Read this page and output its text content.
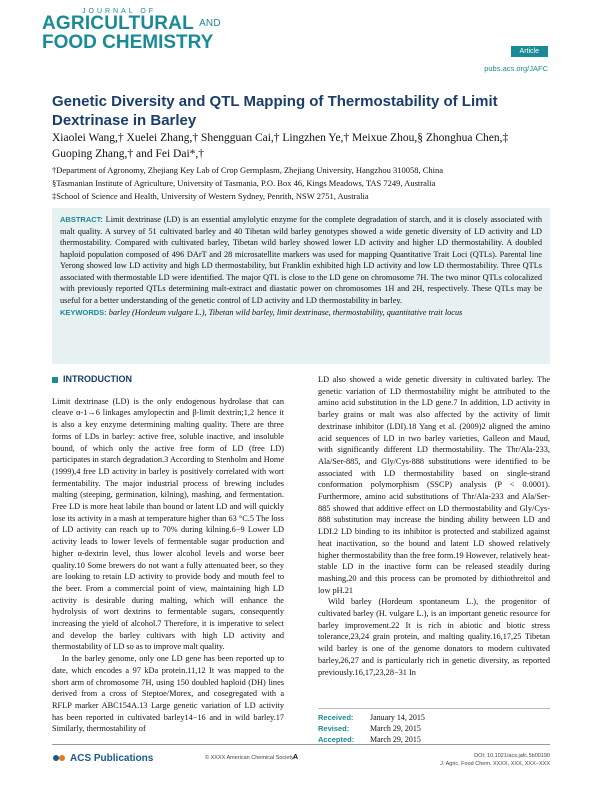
JOURNAL OF
AGRICULTURAL $^{AND}$
FOOD CHEMISTRY	Article
pubs.acs.org/JAFC
Genetic Diversity and QTL Mapping of Thermostability of Limit Dextrinase in Barley
Xiaolei Wang,† Xuelei Zhang,† Shengguan Cai,† Lingzhen Ye,† Meixue Zhou,§ Zhonghua Chen,‡ Guoping Zhang,† and Fei Dai*,†
†Department of Agronomy, Zhejiang Key Lab of Crop Germplasm, Zhejiang University, Hangzhou 310058, China
§Tasmanian Institute of Agriculture, University of Tasmania, P.O. Box 46, Kings Meadows, TAS 7249, Australia
‡School of Science and Health, University of Western Sydney, Penrith, NSW 2751, Australia
ABSTRACT: Limit dextrinase (LD) is an essential amylolytic enzyme for the complete degradation of starch, and it is closely associated with malt quality. A survey of 51 cultivated barley and 40 Tibetan wild barley genotypes showed a wide genetic diversity of LD activity and LD thermostability. Compared with cultivated barley, Tibetan wild barley showed lower LD activity and higher LD thermostability. A doubled haploid population composed of 496 DArT and 28 microsatellite markers was used for mapping Quantitative Trait Loci (QTLs). Parental line Yerong showed low LD activity and high LD thermostability, but Franklin exhibited high LD activity and low LD thermostability. Three QTLs associated with thermostable LD were identified. The major QTL is close to the LD gene on chromosome 7H. The two minor QTLs colocalized with previously reported QTLs determining malt-extract and diastatic power on chromosomes 1H and 2H, respectively. These QTLs may be useful for a better understanding of the genetic control of LD activity and LD thermostability in barley.
KEYWORDS: barley (Hordeum vulgare L.), Tibetan wild barley, limit dextrinase, thermostability, quantitative trait locus
INTRODUCTION

Limit dextrinase (LD) is the only endogenous hydrolase that can cleave α-1→6 linkages amylopectin and β-limit dextrin;1,2 hence it is also a key enzyme determining malting quality. There are three forms of LDs in barley: active free, soluble inactive, and insoluble bound, of which only the active free form of LD (free LD) participates in starch degradation.3 According to Stenholm and Home (1999),4 free LD activity in barley is positively correlated with wort fermentability. The major industrial process of brewing includes malting (steeping, germination, kilning), mashing, and fermentation. Free LD is more heat labile than bound or latent LD and will quickly lose its activity in a mash at temperature higher than 63 °C.5 The loss of LD activity can reach up to 70% during kilning.6−9 Lower LD activity leads to lower levels of fermentable sugar production and higher α-dextrin level, thus lower alcohol levels and worse beer quality.10 Some brewers do not want a fully attenuated beer, so they are looking to retain LD activity to provide body and mouth feel to the beer. From a commercial point of view, maintaining high LD activity is desirable during malting, which will enhance the hydrolysis of wort dextrins to fermentable sugars, consequently increasing the yield of alcohol.7 Therefore, it is imperative to select and develop the barley cultivars with high LD activity and thermostability of LD so as to improve malt quality.

In the barley genome, only one LD gene has been reported up to date, which encodes a 97 kDa protein.11,12 It was mapped to the short arm of chromosome 7H, using 150 doubled haploid (DH) lines derived from a cross of Steptoe/Morex, and cosegregated with a RFLP marker ABC154A.13 Large genetic variation of LD activity has been reported in cultivated barley14−16 and in wild barley.17 Similarly, thermostability of

LD also showed a wide genetic diversity in cultivated barley. The genetic variation of LD thermostability might be attributed to the amino acid substitution in the LD gene.7 In addition, LD activity in barley grains or malt was also affected by the activity of limit dextrinase inhibitor (LDI).18 Yang et al. (2009)2 aligned the amino acid sequences of LD in two barley varieties, Galleon and Maud, with significantly different LD thermostability. The Thr/Ala-233, Ala/Ser-885, and Gly/Cys-888 substitutions were identified to be associated with LD thermostability based on single-strand conformation polymorphism (SSCP) analysis (P < 0.0001). Furthermore, amino acid substitutions of Thr/Ala-233 and Ala/Ser-885 showed that additive effect on LD thermostability and Gly/Cys-888 substitution may increase the binding ability between LD and LDI.2 LD binding to its inhibitor is protected and stabilized against heat inactivation, so the bound and latent LD showed relatively higher thermostability than the free form.19 However, relatively heat-stable LD in the inactive form can be released steadily during mashing,20 and this process can be promoted by dithiothreitol and low pH.21

Wild barley (Hordeum spontaneum L.), the progenitor of cultivated barley (H. vulgare L.), is an important genetic resource for barley improvement.22 It is rich in abiotic and biotic stress tolerance,23,24 grain protein, and malting quality.16,17,25 Tibetan wild barley is one of the genome donators to modern cultivated barley,26,27 and is particularly rich in genetic diversity, as reported previously.16,17,23,28−31 In

Received:	January 14, 2015
Revised:	March 29, 2015
Accepted:	March 29, 2015
ACS Publications	© XXXX American Chemical Society A	DOI: 10.1021/acs.jafc.5b00190
J. Agric. Food Chem. XXXX, XXX, XXX−XXX
